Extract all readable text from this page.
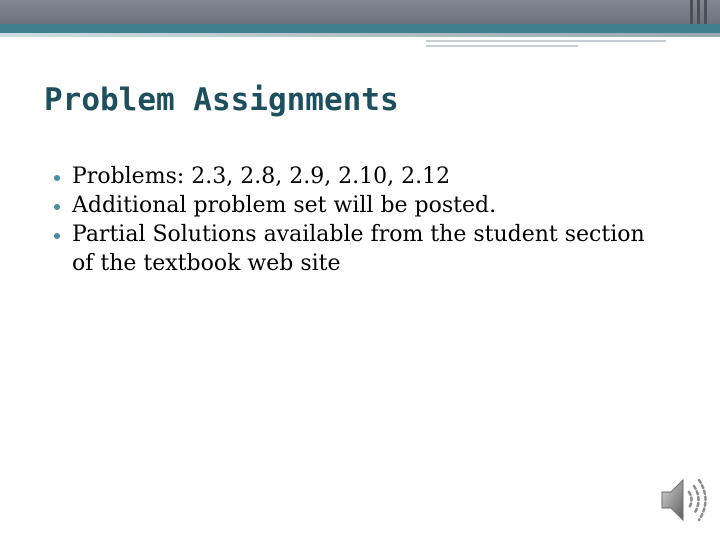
Problem Assignments
Problems: 2.3, 2.8, 2.9, 2.10, 2.12
Additional problem set will be posted.
Partial Solutions available from the student section of the textbook web site
